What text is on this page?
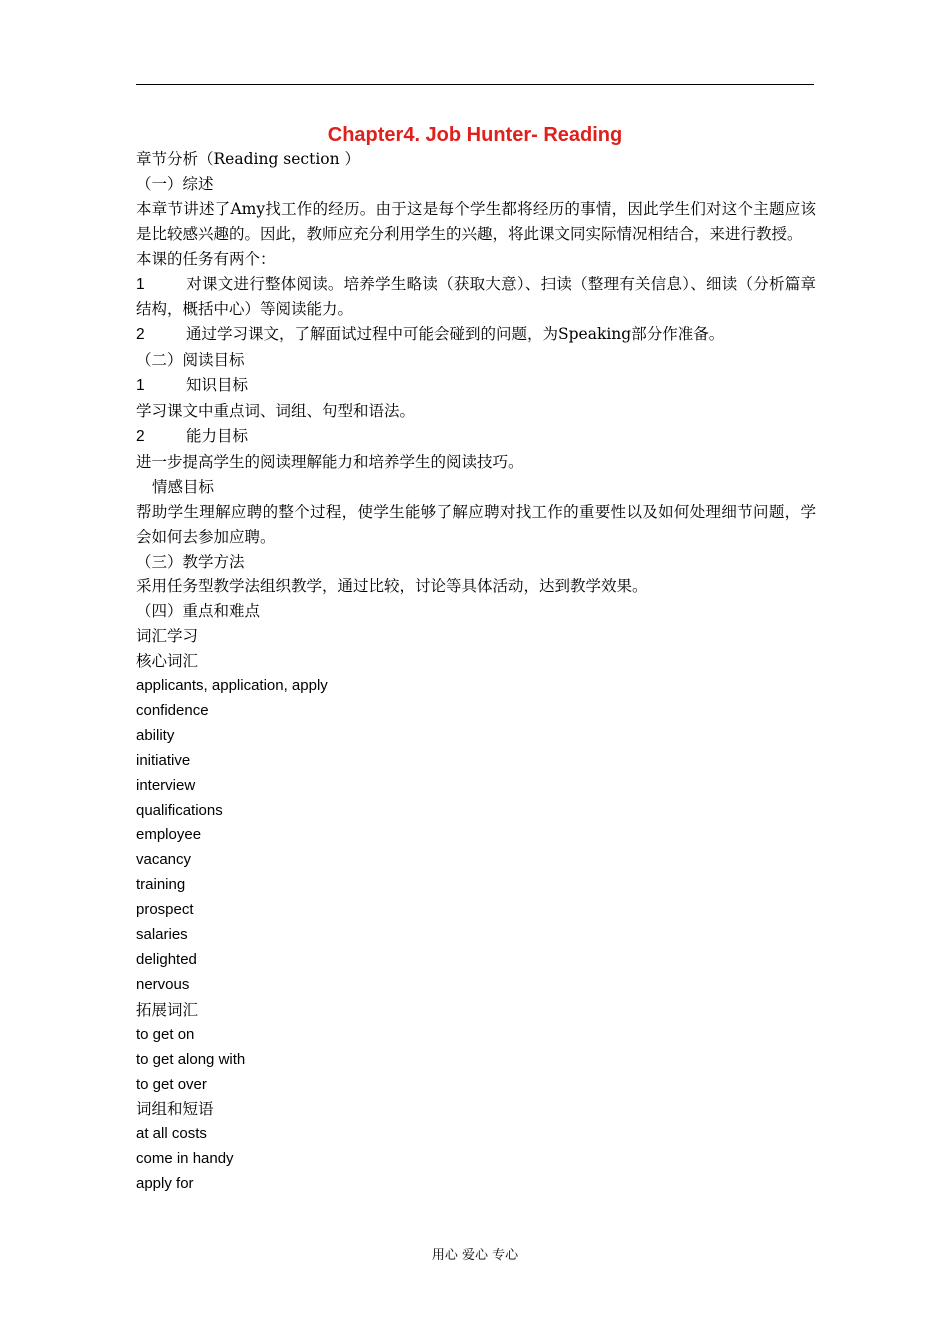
Chapter4. Job Hunter- Reading
章节分析（Reading section ）
（一）综述
本章节讲述了Amy找工作的经历。由于这是每个学生都将经历的事情，因此学生们对这个主题应该是比较感兴趣的。因此，教师应充分利用学生的兴趣，将此课文同实际情况相结合，来进行教授。
本课的任务有两个：
1	对课文进行整体阅读。培养学生略读（获取大意）、扫读（整理有关信息）、细读（分析篇章结构，概括中心）等阅读能力。
2	通过学习课文，了解面试过程中可能会碰到的问题，为Speaking部分作准备。
（二）阅读目标
1	知识目标
学习课文中重点词、词组、句型和语法。
2	能力目标
进一步提高学生的阅读理解能力和培养学生的阅读技巧。
情感目标
帮助学生理解应聘的整个过程，使学生能够了解应聘对找工作的重要性以及如何处理细节问题，学会如何去参加应聘。
（三）教学方法
采用任务型教学法组织教学，通过比较，讨论等具体活动，达到教学效果。
（四）重点和难点
词汇学习
核心词汇
applicants, application, apply
confidence
ability
initiative
interview
qualifications
employee
vacancy
training
prospect
salaries
delighted
nervous
拓展词汇
to get on
to get along with
to get over
词组和短语
at all costs
come in handy
apply for
用心 爱心 专心
